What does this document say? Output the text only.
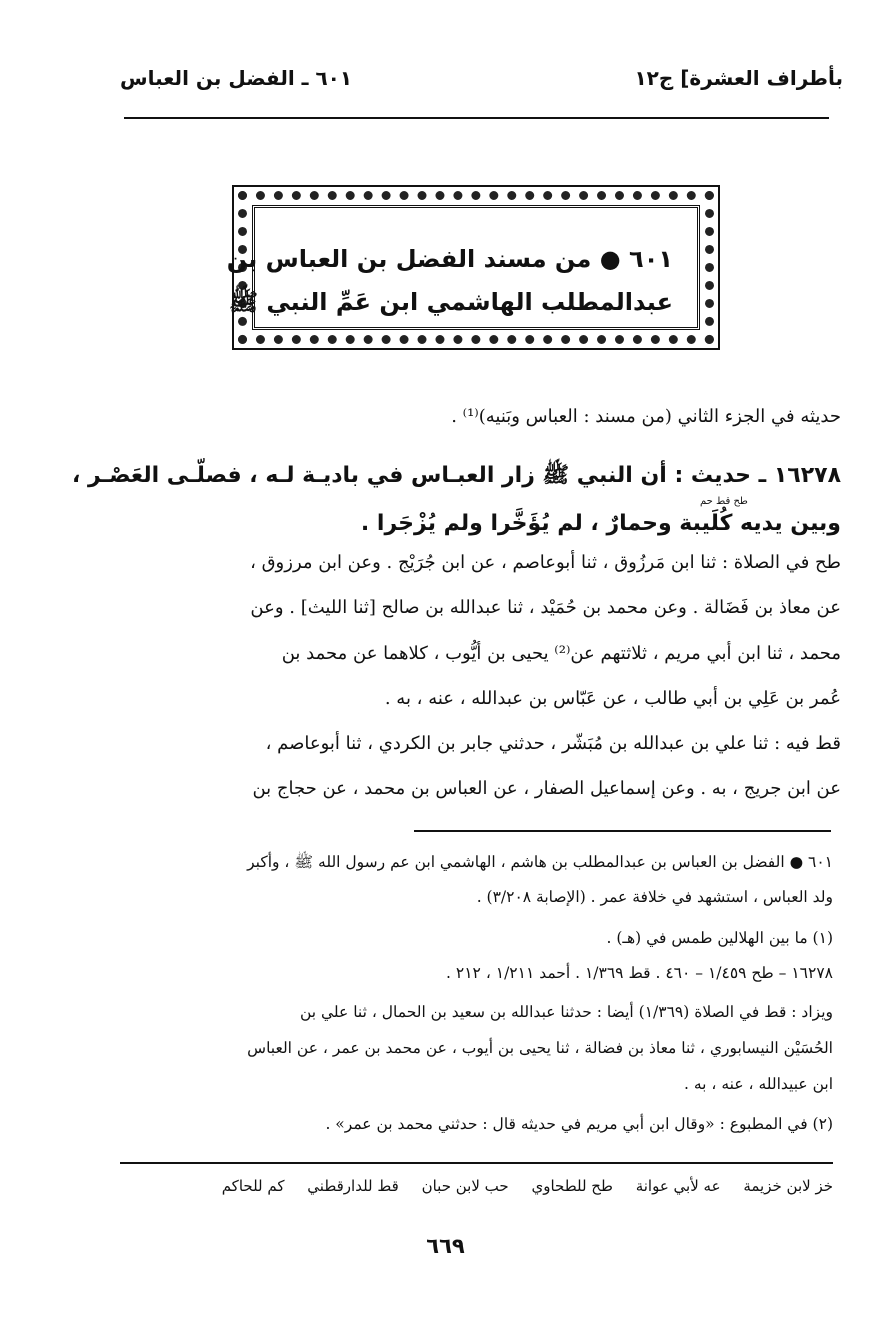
بأطراف العشرة] ج١٢
٦٠١ ـ الفضل بن العباس
٦٠١ ● من مسند الفضل بن العباس بن
عبدالمطلب الهاشمي ابن عَمِّ النبي ﷺ
حديثه في الجزء الثاني (من مسند : العباس وبَنيه)⁽¹⁾ .
١٦٢٧٨ ـ حديث : أن النبي ﷺ زار العبـاس في باديـة لـه ، فصلّـى العَصْـر ،
طح قط حم
وبين يديه كُلَيبة وحمارٌ ، لم يُؤَخَّرا ولم يُزْجَرا .
طح في الصلاة : ثنا ابن مَرزُوق ، ثنا أبوعاصم ، عن ابن جُرَيْج . وعن ابن مرزوق ،
عن معاذ بن فَضَالة . وعن محمد بن حُمَيْد ، ثنا عبدالله بن صالح [ثنا الليث] . وعن
محمد ، ثنا ابن أبي مريم ، ثلاثتهم عن⁽²⁾ يحيى بن أيُّوب ، كلاهما عن محمد بن
عُمر بن عَلِي بن أبي طالب ، عن عَبّاس بن عبدالله ، عنه ، به .
قط فيه : ثنا علي بن عبدالله بن مُبَشّر ، حدثني جابر بن الكردي ، ثنا أبوعاصم ،
عن ابن جريج ، به . وعن إسماعيل الصفار ، عن العباس بن محمد ، عن حجاج بن
٦٠١ ● الفضل بن العباس بن عبدالمطلب بن هاشم ، الهاشمي ابن عم رسول الله ﷺ ، وأكبر
ولد العباس ، استشهد في خلافة عمر . (الإصابة ٣/٢٠٨) .
(١) ما بين الهلالين طمس في (هـ) .
١٦٢٧٨ – طح ١/٤٥٩ – ٤٦٠ . قط ١/٣٦٩ . أحمد ١/٢١١ ، ٢١٢ .
ويزاد : قط في الصلاة (١/٣٦٩) أيضا : حدثنا عبدالله بن سعيد بن الحمال ، ثنا علي بن
الحُسَيْن النيسابوري ، ثنا معاذ بن فضالة ، ثنا يحيى بن أيوب ، عن محمد بن عمر ، عن العباس
ابن عبيدالله ، عنه ، به .
(٢) في المطبوع : «وقال ابن أبي مريم في حديثه قال : حدثني محمد بن عمر» .
خز لابن خزيمة عه لأبي عوانة طح للطحاوي حب لابن حبان قط للدارقطني كم للحاكم
٦٦٩
